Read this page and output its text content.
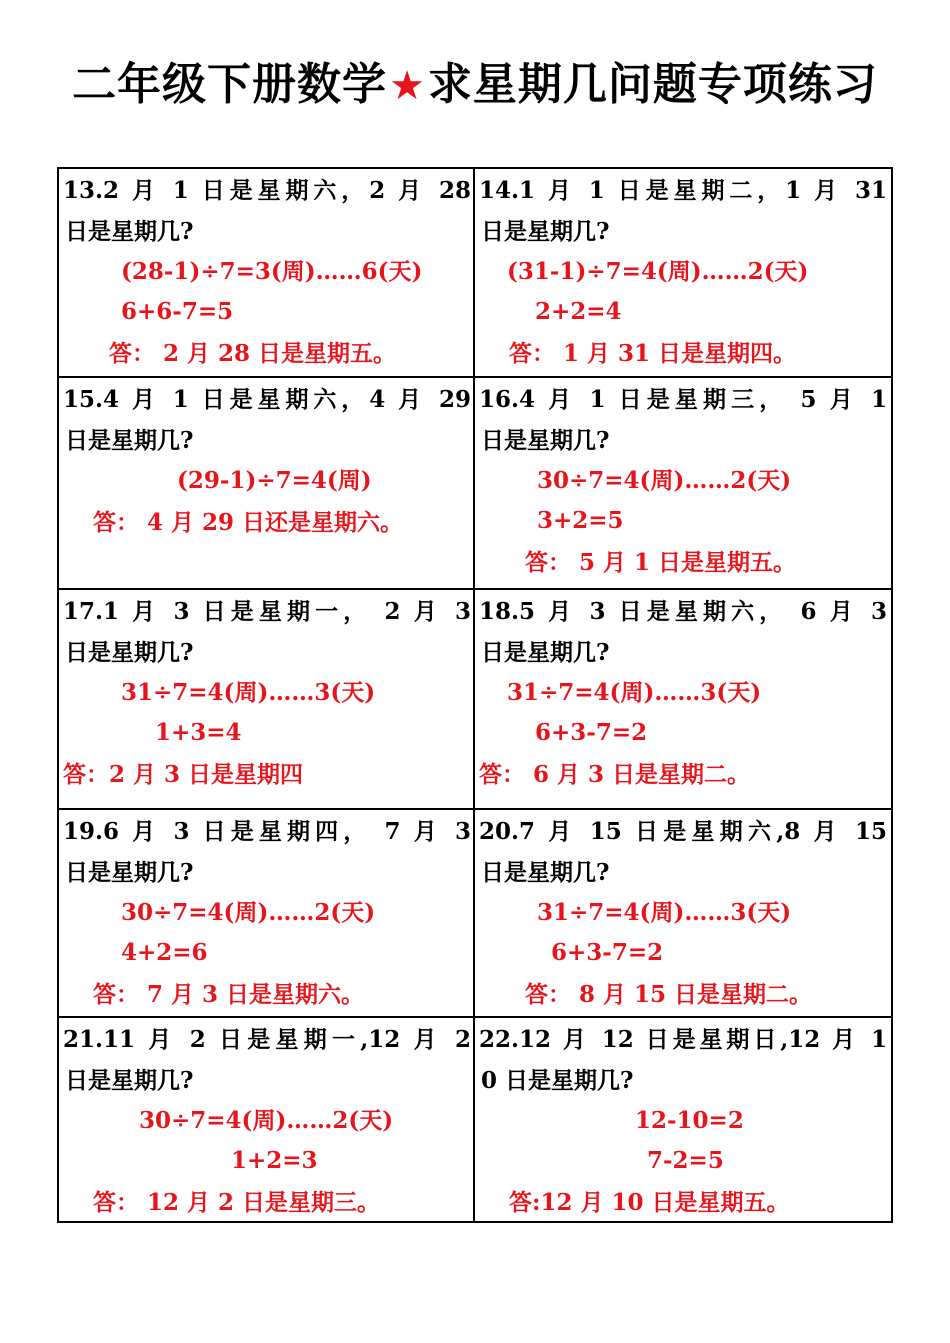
二年级下册数学★求星期几问题专项练习
13.2 月 1 日是星期六，2 月 28
日是星期几?
(28-1)÷7=3(周)……6(天)
6+6-7=5
答： 2 月 28 日是星期五。
14.1 月 1 日是星期二，1 月 31
日是星期几?
(31-1)÷7=4(周)……2(天)
2+2=4
答： 1 月 31 日是星期四。
15.4 月 1 日是星期六，4 月 29
日是星期几?
(29-1)÷7=4(周)
答： 4 月 29 日还是星期六。
16.4 月 1 日是星期三， 5 月 1
日是星期几?
30÷7=4(周)……2(天)
3+2=5
答： 5 月 1 日是星期五。
17.1 月 3 日是星期一， 2 月 3
日是星期几?
31÷7=4(周)……3(天)
1+3=4
答：2 月 3 日是星期四
18.5 月 3 日是星期六， 6 月 3
日是星期几?
31÷7=4(周)……3(天)
6+3-7=2
答： 6 月 3 日是星期二。
19.6 月 3 日是星期四， 7 月 3
日是星期几?
30÷7=4(周)……2(天)
4+2=6
答： 7 月 3 日是星期六。
20.7 月 15 日是星期六,8 月 15
日是星期几?
31÷7=4(周)……3(天)
6+3-7=2
答： 8 月 15 日是星期二。
21.11 月 2 日是星期一,12 月 2
日是星期几?
30÷7=4(周)……2(天)
1+2=3
答： 12 月 2 日是星期三。
22.12 月 12 日是星期日,12 月 1
0 日是星期几?
12-10=2
7-2=5
答:12 月 10 日是星期五。
